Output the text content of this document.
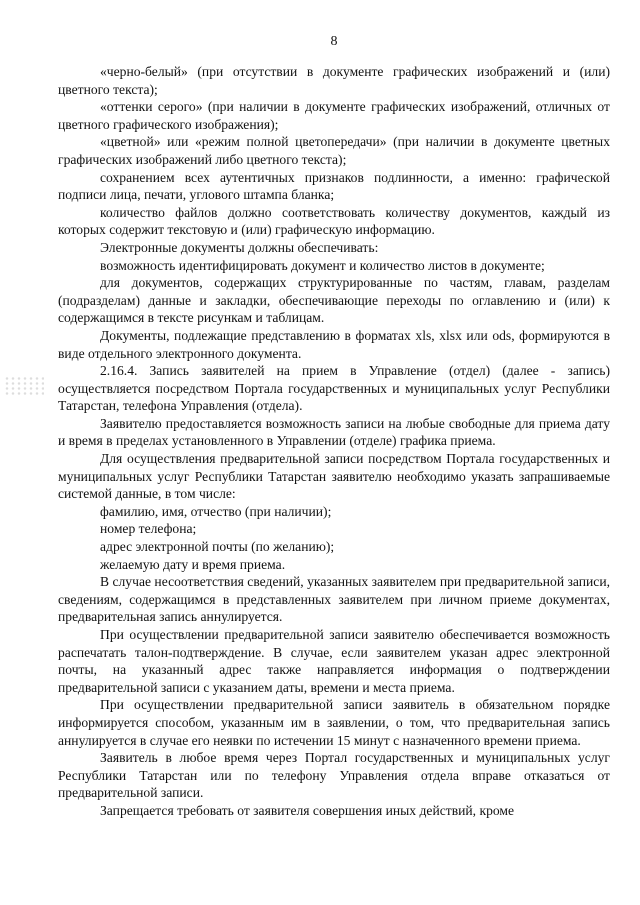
8

«черно-белый» (при отсутствии в документе графических изображений и (или) цветного текста);

«оттенки серого» (при наличии в документе графических изображений, отличных от цветного графического изображения);

«цветной» или «режим полной цветопередачи» (при наличии в документе цветных графических изображений либо цветного текста);

сохранением всех аутентичных признаков подлинности, а именно: графической подписи лица, печати, углового штампа бланка;

количество файлов должно соответствовать количеству документов, каждый из которых содержит текстовую и (или) графическую информацию.

Электронные документы должны обеспечивать:

возможность идентифицировать документ и количество листов в документе;

для документов, содержащих структурированные по частям, главам, разделам (подразделам) данные и закладки, обеспечивающие переходы по оглавлению и (или) к содержащимся в тексте рисункам и таблицам.

Документы, подлежащие представлению в форматах xls, xlsx или ods, формируются в виде отдельного электронного документа.

2.16.4. Запись заявителей на прием в Управление (отдел) (далее - запись) осуществляется посредством Портала государственных и муниципальных услуг Республики Татарстан, телефона Управления (отдела).

Заявителю предоставляется возможность записи на любые свободные для приема дату и время в пределах установленного в Управлении (отделе) графика приема.

Для осуществления предварительной записи посредством Портала государственных и муниципальных услуг Республики Татарстан заявителю необходимо указать запрашиваемые системой данные, в том числе:

фамилию, имя, отчество (при наличии);

номер телефона;

адрес электронной почты (по желанию);

желаемую дату и время приема.

В случае несоответствия сведений, указанных заявителем при предварительной записи, сведениям, содержащимся в представленных заявителем при личном приеме документах, предварительная запись аннулируется.

При осуществлении предварительной записи заявителю обеспечивается возможность распечатать талон-подтверждение. В случае, если заявителем указан адрес электронной почты, на указанный адрес также направляется информация о подтверждении предварительной записи с указанием даты, времени и места приема.

При осуществлении предварительной записи заявитель в обязательном порядке информируется способом, указанным им в заявлении, о том, что предварительная запись аннулируется в случае его неявки по истечении 15 минут с назначенного времени приема.

Заявитель в любое время через Портал государственных и муниципальных услуг Республики Татарстан или по телефону Управления отдела вправе отказаться от предварительной записи.

Запрещается требовать от заявителя совершения иных действий, кроме
